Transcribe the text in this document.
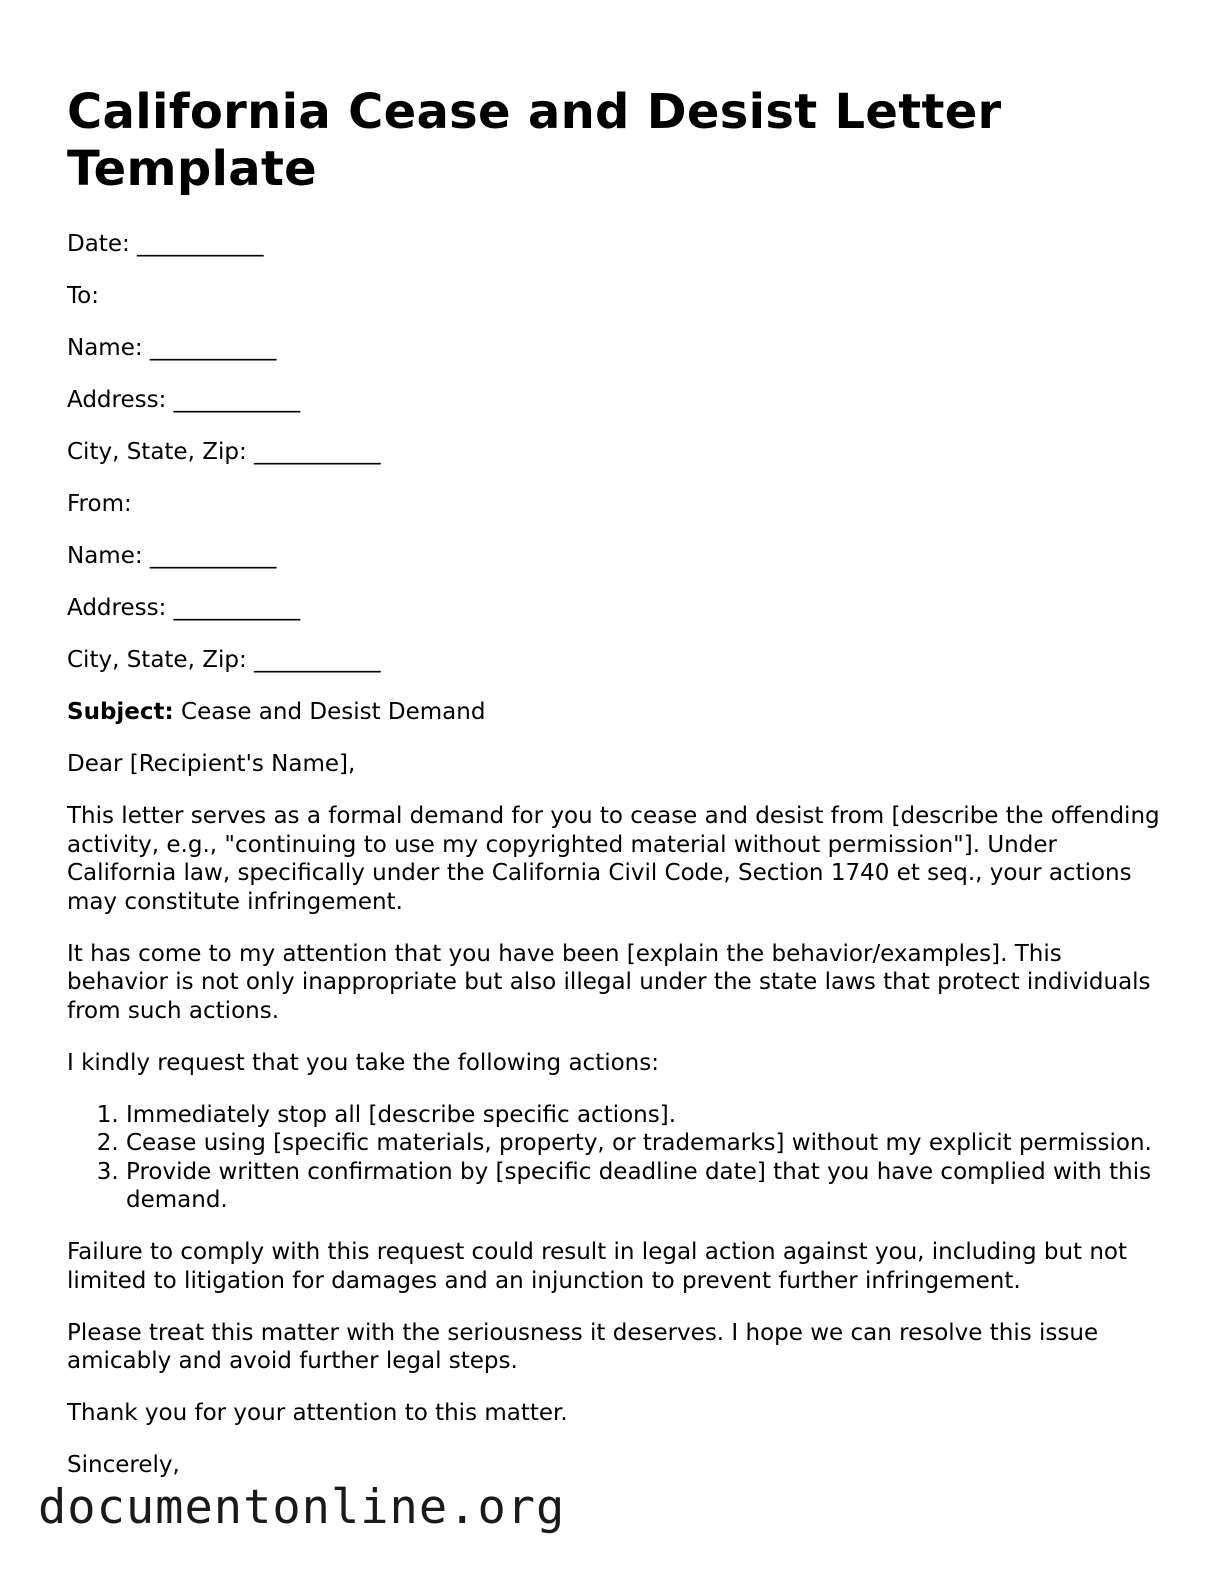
California Cease and Desist Letter Template
Date: ___________
To:
Name: ___________
Address: ___________
City, State, Zip: ___________
From:
Name: ___________
Address: ___________
City, State, Zip: ___________

Subject: Cease and Desist Demand

Dear [Recipient's Name],

This letter serves as a formal demand for you to cease and desist from [describe the offending activity, e.g., "continuing to use my copyrighted material without permission"]. Under California law, specifically under the California Civil Code, Section 1740 et seq., your actions may constitute infringement.

It has come to my attention that you have been [explain the behavior/examples]. This behavior is not only inappropriate but also illegal under the state laws that protect individuals from such actions.

I kindly request that you take the following actions:

1. Immediately stop all [describe specific actions].
2. Cease using [specific materials, property, or trademarks] without my explicit permission.
3. Provide written confirmation by [specific deadline date] that you have complied with this demand.

Failure to comply with this request could result in legal action against you, including but not limited to litigation for damages and an injunction to prevent further infringement.

Please treat this matter with the seriousness it deserves. I hope we can resolve this issue amicably and avoid further legal steps.

Thank you for your attention to this matter.

Sincerely,

documentonline.org
